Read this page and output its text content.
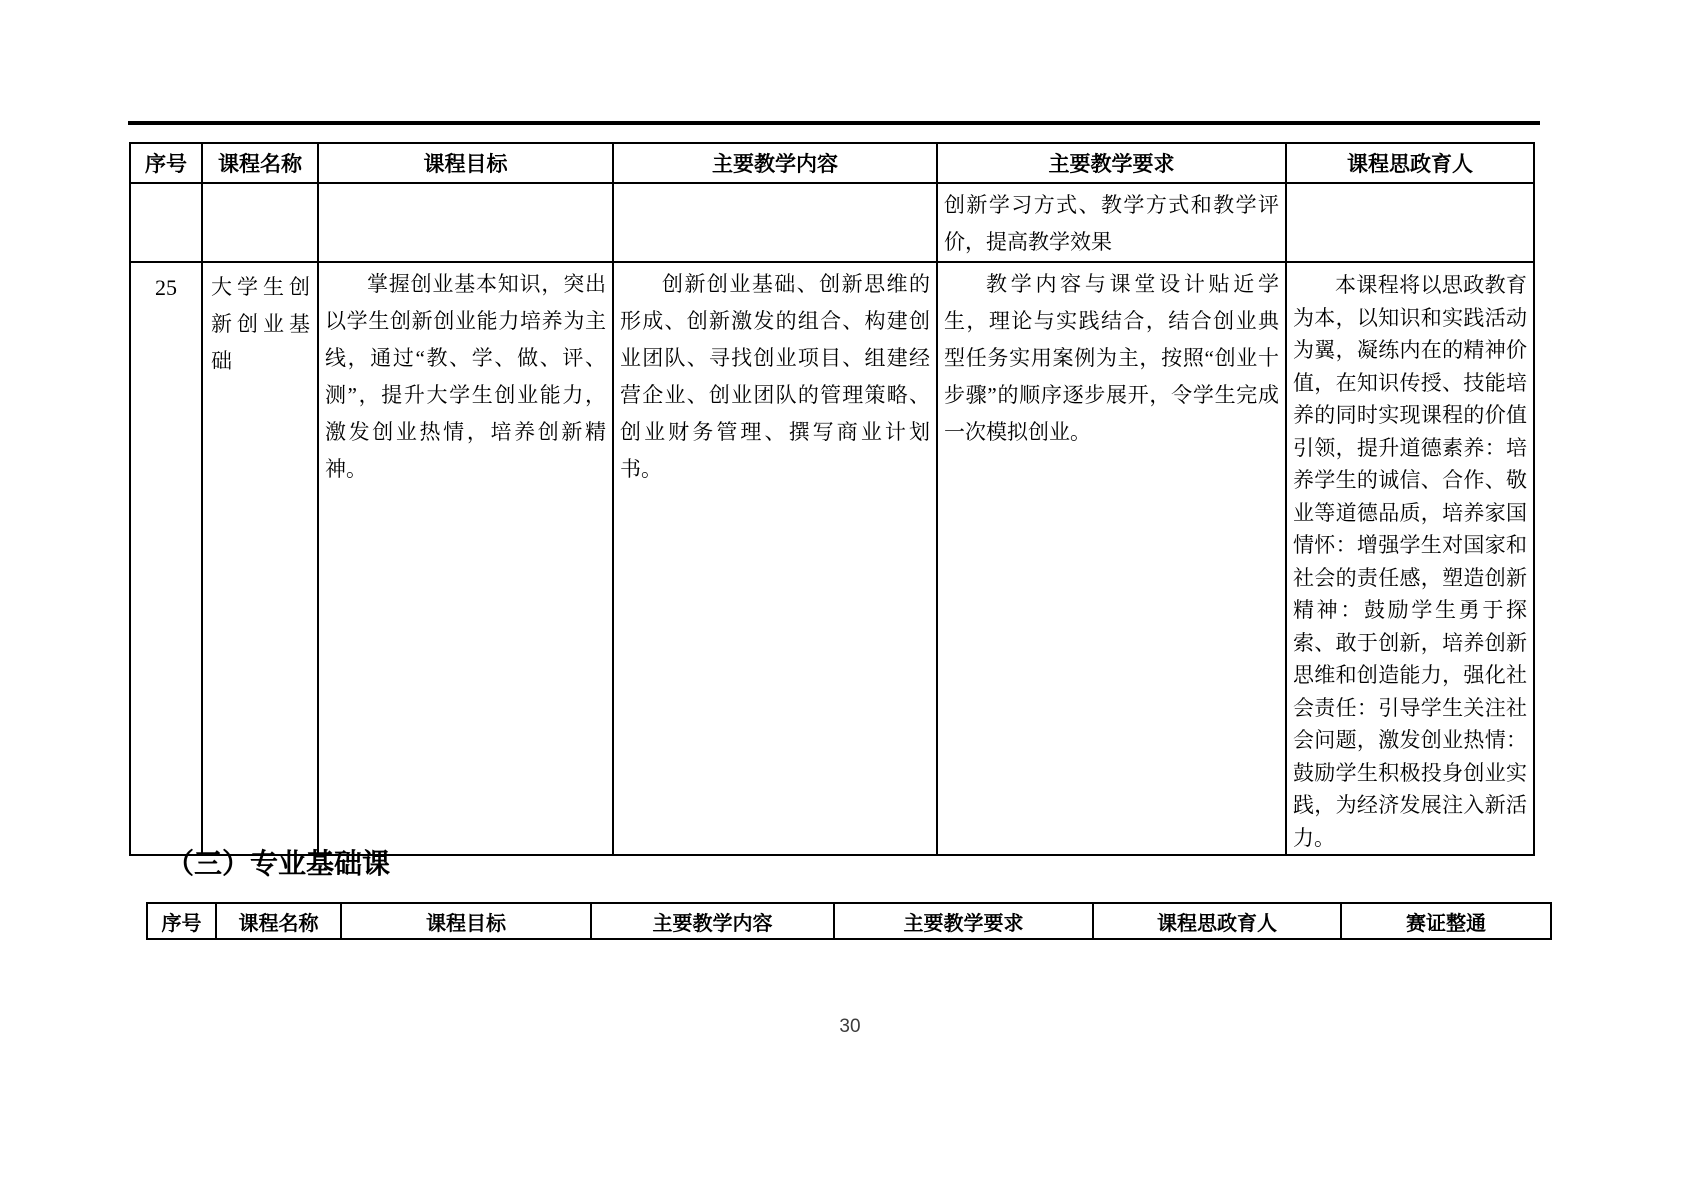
序号	课程名称	课程目标	主要教学内容	主要教学要求	课程思政育人
				创新学习方式、教学方式和教学评价，提高教学效果	
25	大学生创新创业基础	掌握创业基本知识，突出以学生创新创业能力培养为主线，通过“教、学、做、评、测”，提升大学生创业能力，激发创业热情，培养创新精神。	创新创业基础、创新思维的形成、创新激发的组合、构建创业团队、寻找创业项目、组建经营企业、创业团队的管理策略、创业财务管理、撰写商业计划书。	教学内容与课堂设计贴近学生，理论与实践结合，结合创业典型任务实用案例为主，按照“创业十步骤”的顺序逐步展开，令学生完成一次模拟创业。	本课程将以思政教育为本，以知识和实践活动为翼，凝练内在的精神价值，在知识传授、技能培养的同时实现课程的价值引领，提升道德素养：培养学生的诚信、合作、敬业等道德品质，培养家国情怀：增强学生对国家和社会的责任感，塑造创新精神：鼓励学生勇于探索、敢于创新，培养创新思维和创造能力，强化社会责任：引导学生关注社会问题，激发创业热情：鼓励学生积极投身创业实践，为经济发展注入新活力。
（三）专业基础课
序号	课程名称	课程目标	主要教学内容	主要教学要求	课程思政育人	赛证整通
30
